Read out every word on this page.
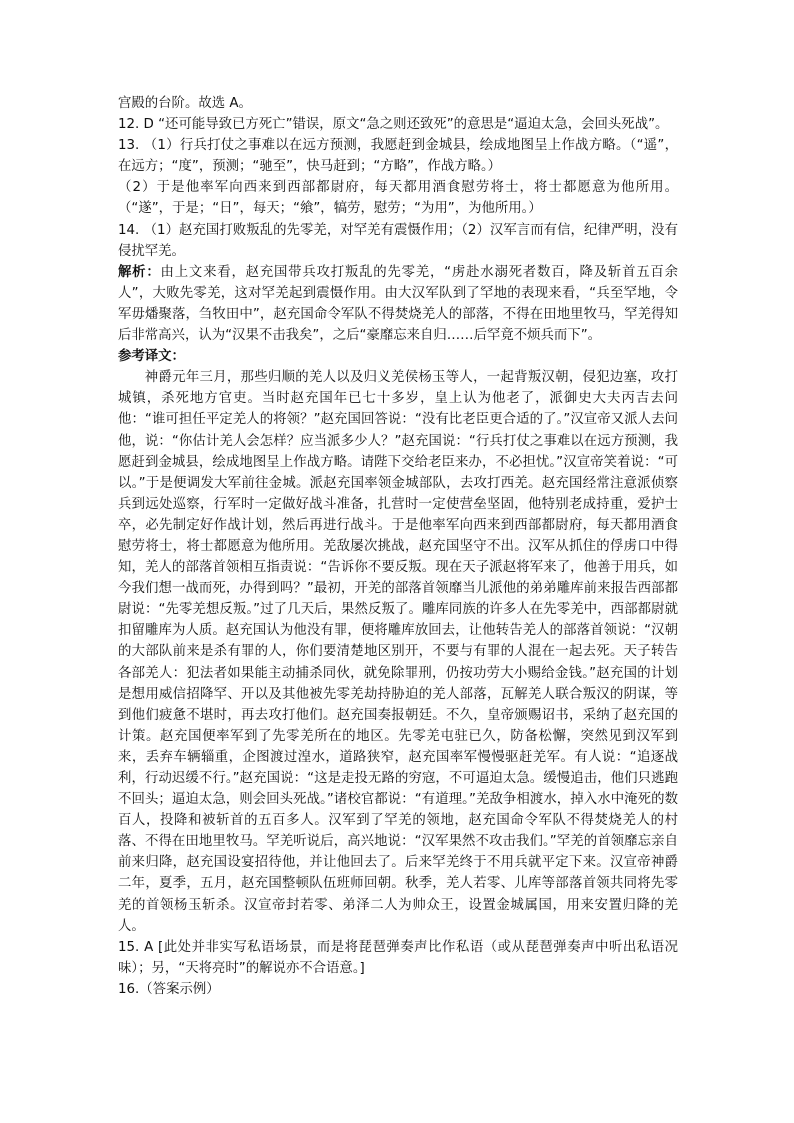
宫殿的台阶。故选 A。

12. D “还可能导致已方死亡”错误，原文“急之则还致死”的意思是“逼迫太急，会回头死战”。

13. （1）行兵打仗之事难以在远方预测，我愿赶到金城县，绘成地图呈上作战方略。（“遥”，在远方；“度”，预测；“驰至”，快马赶到；“方略”，作战方略。）

（2）于是他率军向西来到西部都尉府，每天都用酒食慰劳将士，将士都愿意为他所用。（“遂”，于是；“日”，每天；“飨”，犒劳，慰劳；“为用”，为他所用。）

14. （1）赵充国打败叛乱的先零羌，对罕羌有震慑作用；（2）汉军言而有信，纪律严明，没有侵扰罕羌。

解析：由上文来看，赵充国带兵攻打叛乱的先零羌，“虏赴水溺死者数百，降及斩首五百余人”，大败先零羌，这对罕羌起到震慑作用。由大汉军队到了罕地的表现来看，“兵至罕地，令军毋燔聚落，刍牧田中”，赵充国命令军队不得焚烧羌人的部落，不得在田地里牧马，罕羌得知后非常高兴，认为“汉果不击我矣”，之后“豪靡忘来自归……后罕竟不烦兵而下”。

参考译文：

神爵元年三月，那些归顺的羌人以及归义羌侯杨玉等人，一起背叛汉朝，侵犯边塞，攻打城镇，杀死地方官吏。当时赵充国年已七十多岁，皇上认为他老了，派御史大夫丙吉去问他：“谁可担任平定羌人的将领？”赵充国回答说：“没有比老臣更合适的了。”汉宣帝又派人去问他，说：“你估计羌人会怎样？应当派多少人？”赵充国说：“行兵打仗之事难以在远方预测，我愿赶到金城县，绘成地图呈上作战方略。请陛下交给老臣来办，不必担忧。”汉宣帝笑着说：“可以。”于是便调发大军前往金城。派赵充国率领金城部队，去攻打西羌。赵充国经常注意派侦察兵到远处巡察，行军时一定做好战斗准备，扎营时一定使营垒坚固，他特别老成持重，爱护士卒，必先制定好作战计划，然后再进行战斗。于是他率军向西来到西部都尉府，每天都用酒食慰劳将士，将士都愿意为他所用。羌敌屡次挑战，赵充国坚守不出。汉军从抓住的俘虏口中得知，羌人的部落首领相互指责说：“告诉你不要反叛。现在天子派赵将军来了，他善于用兵，如今我们想一战而死，办得到吗？”最初，开羌的部落首领靡当儿派他的弟弟雕库前来报告西部都尉说：“先零羌想反叛。”过了几天后，果然反叛了。雕库同族的许多人在先零羌中，西部都尉就扣留雕库为人质。赵充国认为他没有罪，便将雕库放回去，让他转告羌人的部落首领说：“汉朝的大部队前来是杀有罪的人，你们要清楚地区别开，不要与有罪的人混在一起去死。天子转告各部羌人：犯法者如果能主动捕杀同伙，就免除罪刑，仍按功劳大小赐给金钱。”赵充国的计划是想用威信招降罕、开以及其他被先零羌劫持胁迫的羌人部落，瓦解羌人联合叛汉的阴谋，等到他们疲惫不堪时，再去攻打他们。赵充国奏报朝廷。不久，皇帝颁赐诏书，采纳了赵充国的计策。赵充国便率军到了先零羌所在的地区。先零羌屯驻已久，防备松懈，突然见到汉军到来，丢弃车辆辎重，企图渡过湟水，道路狭窄，赵充国率军慢慢驱赶羌军。有人说：“追逐战利，行动迟缓不行。”赵充国说：“这是走投无路的穷寇，不可逼迫太急。缓慢追击，他们只逃跑不回头；逼迫太急，则会回头死战。”诸校官都说：“有道理。”羌敌争相渡水，掉入水中淹死的数百人，投降和被斩首的五百多人。汉军到了罕羌的领地，赵充国命令军队不得焚烧羌人的村落、不得在田地里牧马。罕羌听说后，高兴地说：“汉军果然不攻击我们。”罕羌的首领靡忘亲自前来归降，赵充国设宴招待他，并让他回去了。后来罕羌终于不用兵就平定下来。汉宣帝神爵二年，夏季，五月，赵充国整顿队伍班师回朝。秋季，羌人若零、儿库等部落首领共同将先零羌的首领杨玉斩杀。汉宣帝封若零、弟泽二人为帅众王，设置金城属国，用来安置归降的羌人。

15. A [此处并非实写私语场景，而是将琵琶弹奏声比作私语（或从琵琶弹奏声中听出私语况味）；另，“天将亮时”的解说亦不合语意。]

16.（答案示例）
